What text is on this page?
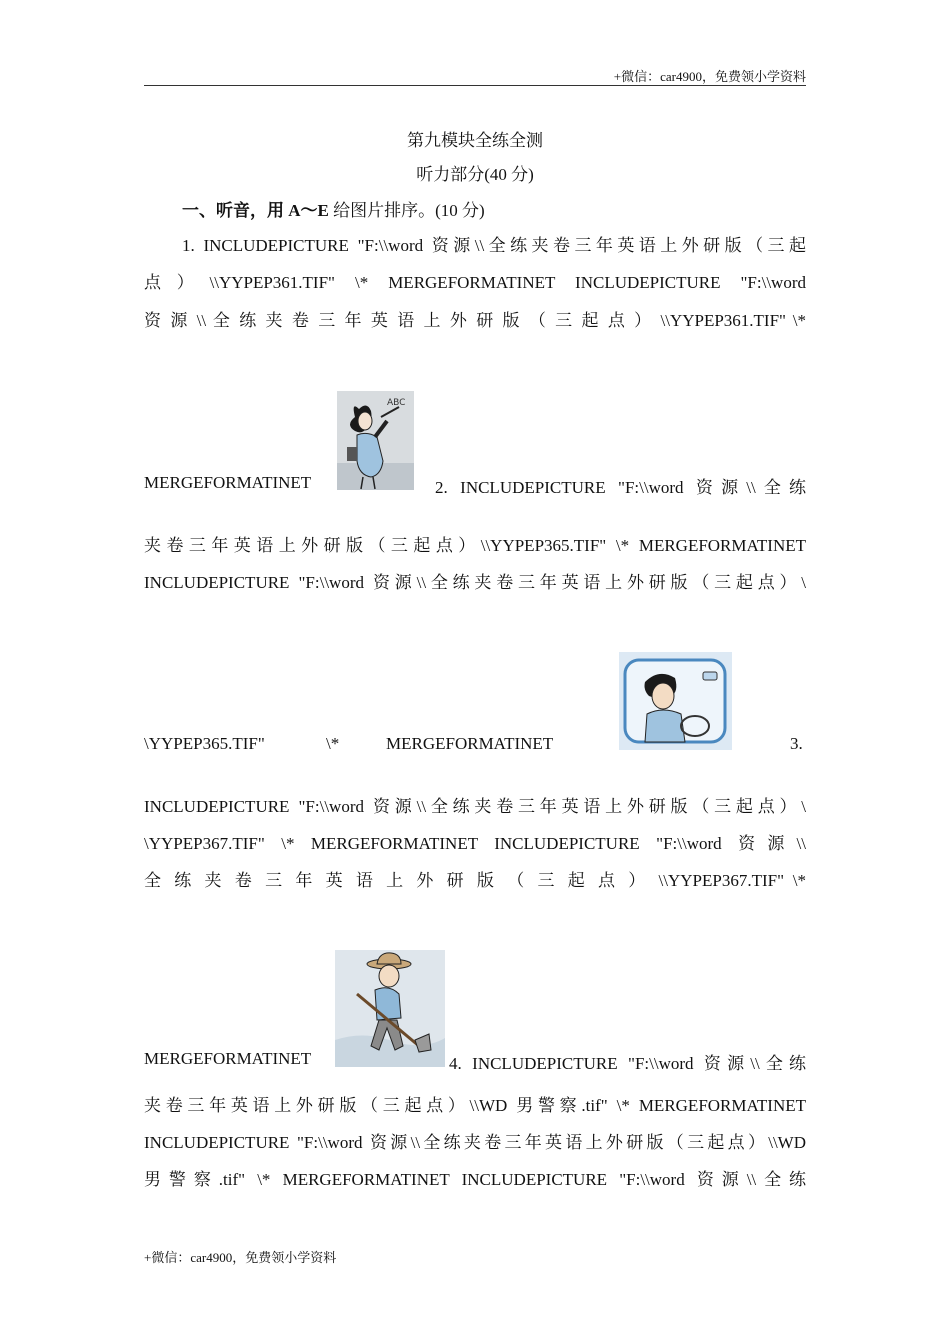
+微信：car4900，免费领小学资料
第九模块全练全测
听力部分(40 分)
一、听音，用 A～E 给图片排序。(10 分)
1. INCLUDEPICTURE "F:\\word 资源\\全练夹卷三年英语上外研版（三起
点）\\YYPEP361.TIF" \* MERGEFORMATINET INCLUDEPICTURE "F:\\word
资 源 \\ 全 练 夹 卷 三 年 英 语 上 外 研 版 （ 三 起 点 ） \\YYPEP361.TIF" \*
ABC
MERGEFORMATINET	2. INCLUDEPICTURE "F:\\word 资源\\全练
夹卷三年英语上外研版（三起点）\\YYPEP365.TIF" \* MERGEFORMATINET
INCLUDEPICTURE "F:\\word 资源\\全练夹卷三年英语上外研版（三起点）\
\YYPEP365.TIF"	\*	MERGEFORMATINET	3.
INCLUDEPICTURE "F:\\word 资源\\全练夹卷三年英语上外研版（三起点）\
\YYPEP367.TIF" \* MERGEFORMATINET INCLUDEPICTURE "F:\\word 资源\\
全 练 夹 卷 三 年 英 语 上 外 研 版 （ 三 起 点 ） \\YYPEP367.TIF" \*
MERGEFORMATINET	4. INCLUDEPICTURE "F:\\word 资源\\全练
夹卷三年英语上外研版（三起点）\\WD 男警察.tif" \* MERGEFORMATINET
INCLUDEPICTURE "F:\\word 资源\\全练夹卷三年英语上外研版（三起点）\\WD
男警察.tif" \* MERGEFORMATINET INCLUDEPICTURE "F:\\word 资源\\全练
+微信：car4900，免费领小学资料
